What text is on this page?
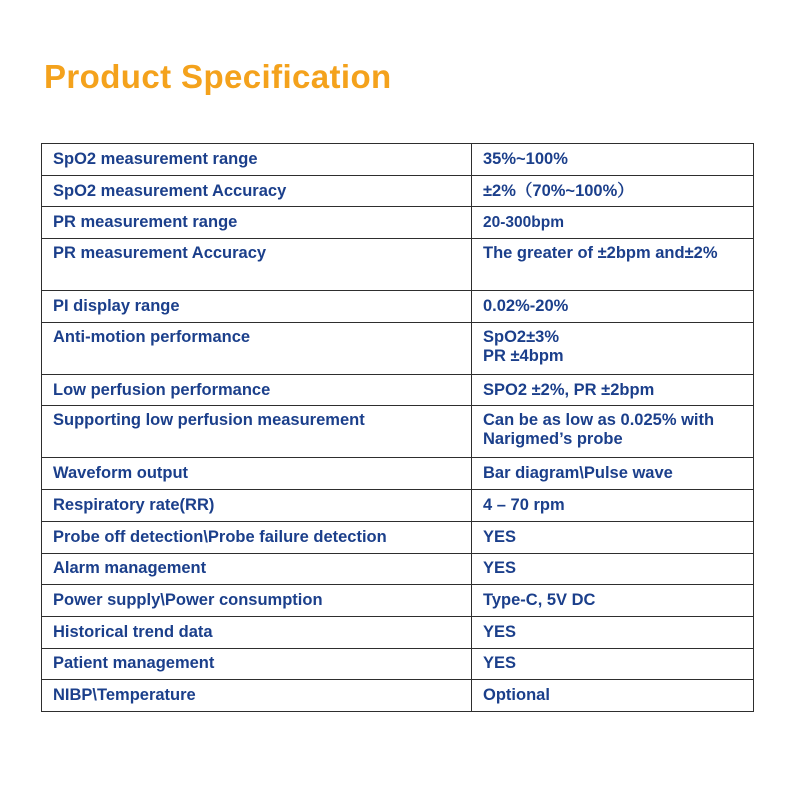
Product Specification
SpO2 measurement range	35%~100%
SpO2 measurement Accuracy	±2%（70%~100%）
PR measurement range	20-300bpm
PR measurement Accuracy	The greater of ±2bpm and±2%
PI display range	0.02%-20%
Anti-motion performance	SpO2±3%
PR ±4bpm
Low perfusion performance	SPO2 ±2%, PR ±2bpm
Supporting low perfusion measurement	Can be as low as 0.025% with Narigmed’s probe
Waveform output	Bar diagram\Pulse wave
Respiratory rate(RR)	4 – 70 rpm
Probe off detection\Probe failure detection	YES
Alarm management	YES
Power supply\Power consumption	Type-C, 5V DC
Historical trend data	YES
Patient management	YES
NIBP\Temperature	Optional
